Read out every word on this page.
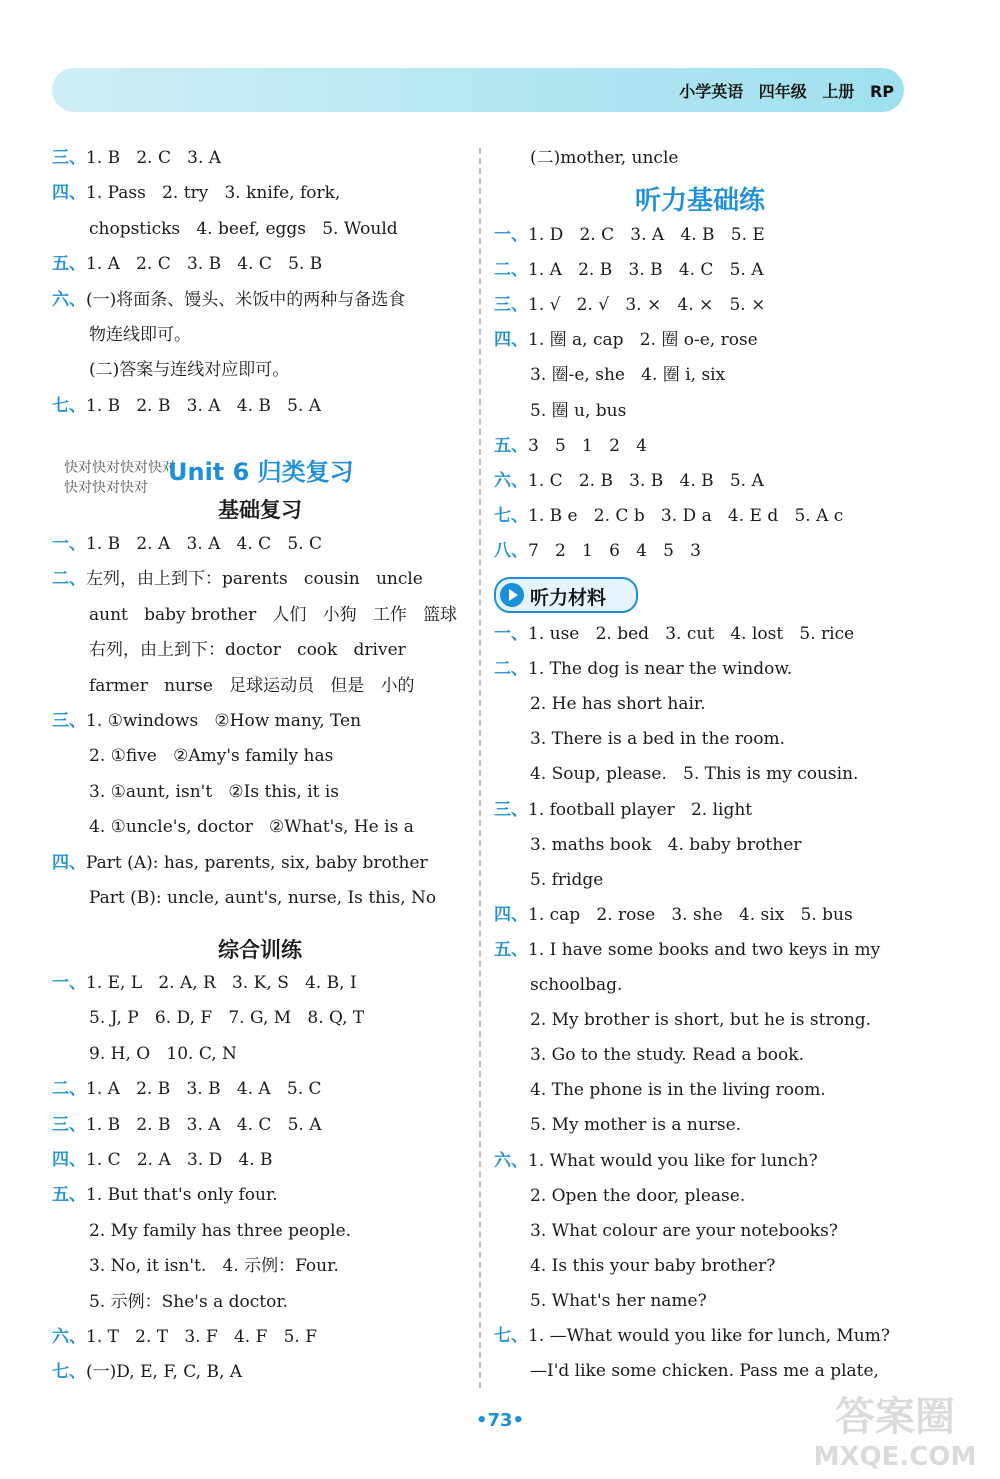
小学英语 四年级 上册 RP
三、1. B   2. C   3. A
四、1. Pass   2. try   3. knife, fork,
chopsticks   4. beef, eggs   5. Would
五、1. A   2. C   3. B   4. C   5. B
六、(一)将面条、馒头、米饭中的两种与备选食
物连线即可。
(二)答案与连线对应即可。
七、1. B   2. B   3. A   4. B   5. A
一、1. B   2. A   3. A   4. C   5. C
二、左列，由上到下：parents   cousin   uncle
aunt   baby brother   人们   小狗   工作   篮球
右列，由上到下：doctor   cook   driver
farmer   nurse   足球运动员   但是   小的
三、1. ①windows   ②How many, Ten
2. ①five   ②Amy's family has
3. ①aunt, isn't   ②Is this, it is
4. ①uncle's, doctor   ②What's, He is a
四、Part (A): has, parents, six, baby brother
Part (B): uncle, aunt's, nurse, Is this, No
一、1. E, L   2. A, R   3. K, S   4. B, I
5. J, P   6. D, F   7. G, M   8. Q, T
9. H, O   10. C, N
二、1. A   2. B   3. B   4. A   5. C
三、1. B   2. B   3. A   4. C   5. A
四、1. C   2. A   3. D   4. B
五、1. But that's only four.
2. My family has three people.
3. No, it isn't.   4. 示例：Four.
5. 示例：She's a doctor.
六、1. T   2. T   3. F   4. F   5. F
七、(一)D, E, F, C, B, A
快对快对快对快对
快对快对快对
Unit 6 归类复习
基础复习
综合训练
(二)mother, uncle
听力基础练
一、1. D   2. C   3. A   4. B   5. E
二、1. A   2. B   3. B   4. C   5. A
三、1. √   2. √   3. ×   4. ×   5. ×
四、1. 圈 a, cap   2. 圈 o-e, rose
3. 圈-e, she   4. 圈 i, six
5. 圈 u, bus
五、3   5   1   2   4
六、1. C   2. B   3. B   4. B   5. A
七、1. B e   2. C b   3. D a   4. E d   5. A c
八、7   2   1   6   4   5   3
一、1. use   2. bed   3. cut   4. lost   5. rice
二、1. The dog is near the window.
2. He has short hair.
3. There is a bed in the room.
4. Soup, please.   5. This is my cousin.
三、1. football player   2. light
3. maths book   4. baby brother
5. fridge
四、1. cap   2. rose   3. she   4. six   5. bus
五、1. I have some books and two keys in my
schoolbag.
2. My brother is short, but he is strong.
3. Go to the study. Read a book.
4. The phone is in the living room.
5. My mother is a nurse.
六、1. What would you like for lunch?
2. Open the door, please.
3. What colour are your notebooks?
4. Is this your baby brother?
5. What's her name?
七、1. —What would you like for lunch, Mum?
—I'd like some chicken. Pass me a plate,
听力材料
•73•	答案圈
MXQE.COM
